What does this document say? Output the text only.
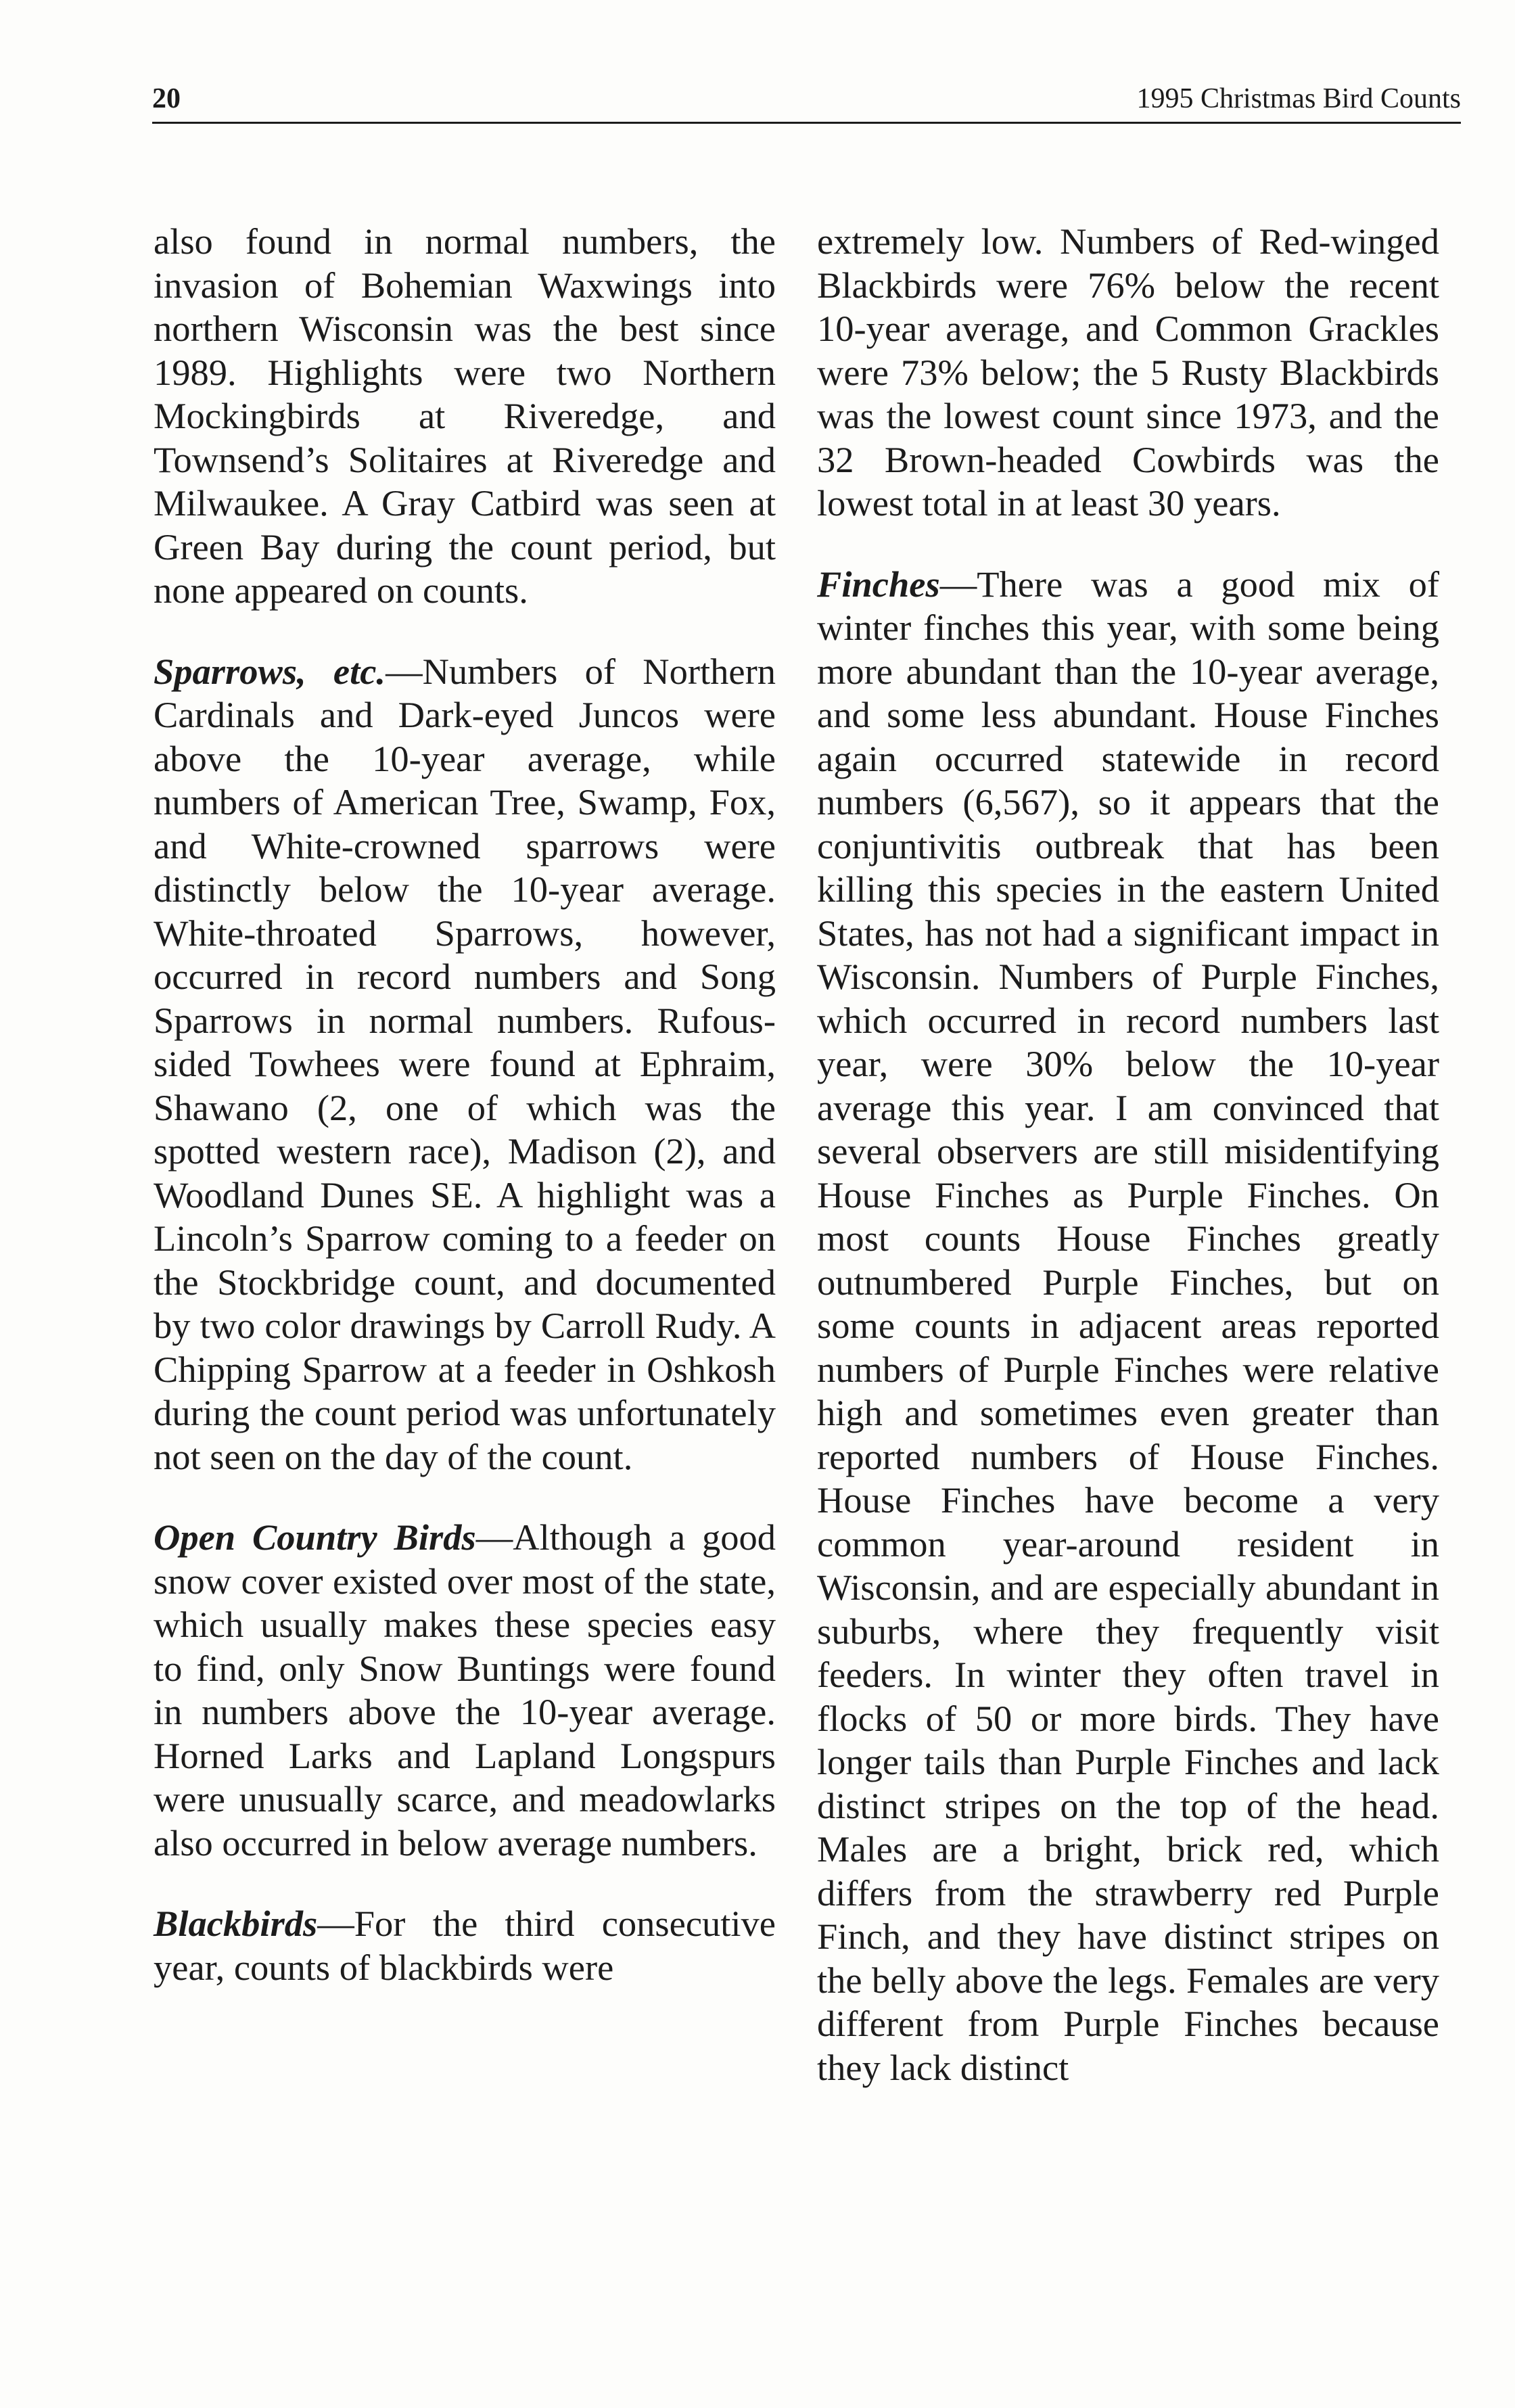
20	1995 Christmas Bird Counts

also found in normal numbers, the invasion of Bohemian Waxwings into northern Wisconsin was the best since 1989. Highlights were two Northern Mockingbirds at Riveredge, and Townsend’s Solitaires at Riveredge and Milwaukee. A Gray Catbird was seen at Green Bay during the count period, but none appeared on counts.

Sparrows, etc.—Numbers of Northern Cardinals and Dark-eyed Juncos were above the 10-year average, while numbers of American Tree, Swamp, Fox, and White-crowned sparrows were distinctly below the 10-year average. White-throated Sparrows, however, occurred in record numbers and Song Sparrows in normal numbers. Rufous-sided Towhees were found at Ephraim, Shawano (2, one of which was the spotted western race), Madison (2), and Woodland Dunes SE. A highlight was a Lincoln’s Sparrow coming to a feeder on the Stockbridge count, and documented by two color drawings by Carroll Rudy. A Chipping Sparrow at a feeder in Oshkosh during the count period was unfortunately not seen on the day of the count.

Open Country Birds—Although a good snow cover existed over most of the state, which usually makes these species easy to find, only Snow Buntings were found in numbers above the 10-year average. Horned Larks and Lapland Longspurs were unusually scarce, and meadowlarks also occurred in below average numbers.

Blackbirds—For the third consecutive year, counts of blackbirds were

extremely low. Numbers of Red-winged Blackbirds were 76% below the recent 10-year average, and Common Grackles were 73% below; the 5 Rusty Blackbirds was the lowest count since 1973, and the 32 Brown-headed Cowbirds was the lowest total in at least 30 years.

Finches—There was a good mix of winter finches this year, with some being more abundant than the 10-year average, and some less abundant. House Finches again occurred statewide in record numbers (6,567), so it appears that the conjuntivitis outbreak that has been killing this species in the eastern United States, has not had a significant impact in Wisconsin. Numbers of Purple Finches, which occurred in record numbers last year, were 30% below the 10-year average this year. I am convinced that several observers are still misidentifying House Finches as Purple Finches. On most counts House Finches greatly outnumbered Purple Finches, but on some counts in adjacent areas reported numbers of Purple Finches were relative high and sometimes even greater than reported numbers of House Finches. House Finches have become a very common year-around resident in Wisconsin, and are especially abundant in suburbs, where they frequently visit feeders. In winter they often travel in flocks of 50 or more birds. They have longer tails than Purple Finches and lack distinct stripes on the top of the head. Males are a bright, brick red, which differs from the strawberry red Purple Finch, and they have distinct stripes on the belly above the legs. Females are very different from Purple Finches because they lack distinct
